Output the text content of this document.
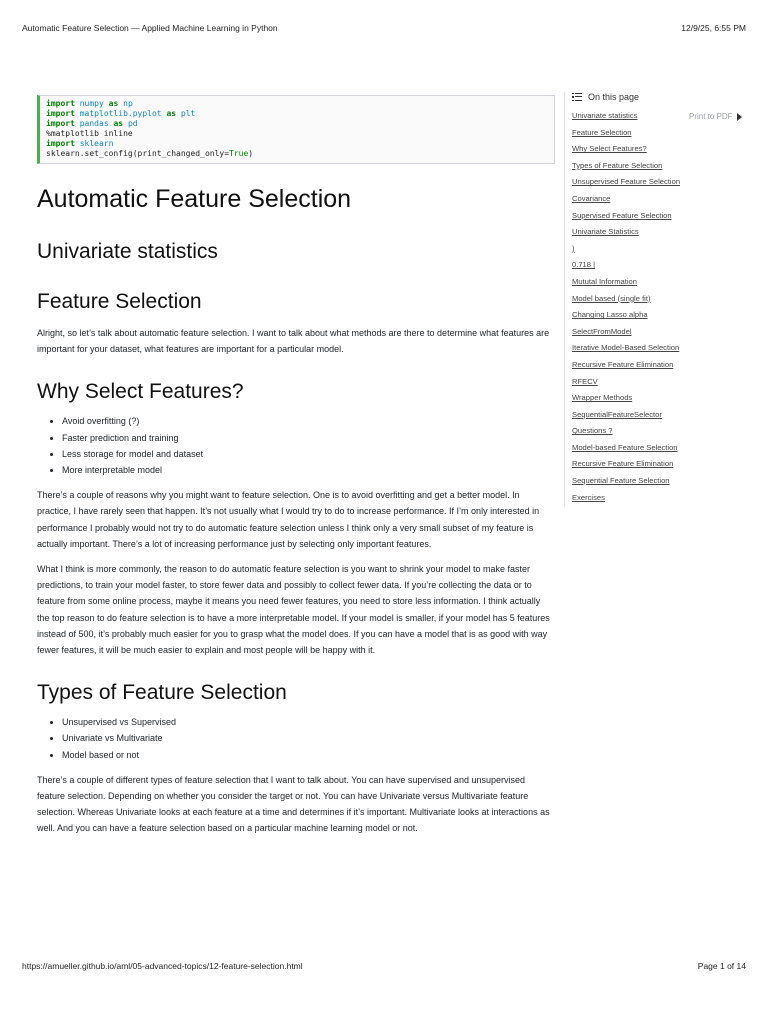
Automatic Feature Selection — Applied Machine Learning in Python	12/9/25, 6:55 PM
import numpy as np
import matplotlib.pyplot as plt
import pandas as pd
%matplotlib inline
import sklearn
sklearn.set_config(print_changed_only=True)
Automatic Feature Selection
Univariate statistics
Feature Selection

Alright, so let’s talk about automatic feature selection. I want to talk about what methods are there to determine what features are important for your dataset, what features are important for a particular model.

Why Select Features?
• Avoid overfitting (?)
• Faster prediction and training
• Less storage for model and dataset
• More interpretable model

There’s a couple of reasons why you might want to feature selection. One is to avoid overfitting and get a better model. In practice, I have rarely seen that happen. It’s not usually what I would try to do to increase performance. If I’m only interested in performance I probably would not try to do automatic feature selection unless I think only a very small subset of my feature is actually important. There’s a lot of increasing performance just by selecting only important features.

What I think is more commonly, the reason to do automatic feature selection is you want to shrink your model to make faster predictions, to train your model faster, to store fewer data and possibly to collect fewer data. If you’re collecting the data or to feature from some online process, maybe it means you need fewer features, you need to store less information. I think actually the top reason to do feature selection is to have a more interpretable model. If your model is smaller, if your model has 5 features instead of 500, it’s probably much easier for you to grasp what the model does. If you can have a model that is as good with way fewer features, it will be much easier to explain and most people will be happy with it.

Types of Feature Selection
• Unsupervised vs Supervised
• Univariate vs Multivariate
• Model based or not

There’s a couple of different types of feature selection that I want to talk about. You can have supervised and unsupervised feature selection. Depending on whether you consider the target or not. You can have Univariate versus Multivariate feature selection. Whereas Univariate looks at each feature at a time and determines if it’s important. Multivariate looks at interactions as well. And you can have a feature selection based on a particular machine learning model or not.

Print to PDF
On this page
Univariate statistics
Feature Selection
Why Select Features?
Types of Feature Selection
Unsupervised Feature Selection
Covariance
Supervised Feature Selection
Univariate Statistics
)
0.718 |
Mututal Information
Model based (single fit)
Changing Lasso alpha
SelectFromModel
Iterative Model-Based Selection
Recursive Feature Elimination
RFECV
Wrapper Methods
SequentialFeatureSelector
Questions ?
Model-based Feature Selection
Recursive Feature Elimination
Sequential Feature Selection
Exercises
https://amueller.github.io/aml/05-advanced-topics/12-feature-selection.html	Page 1 of 14
